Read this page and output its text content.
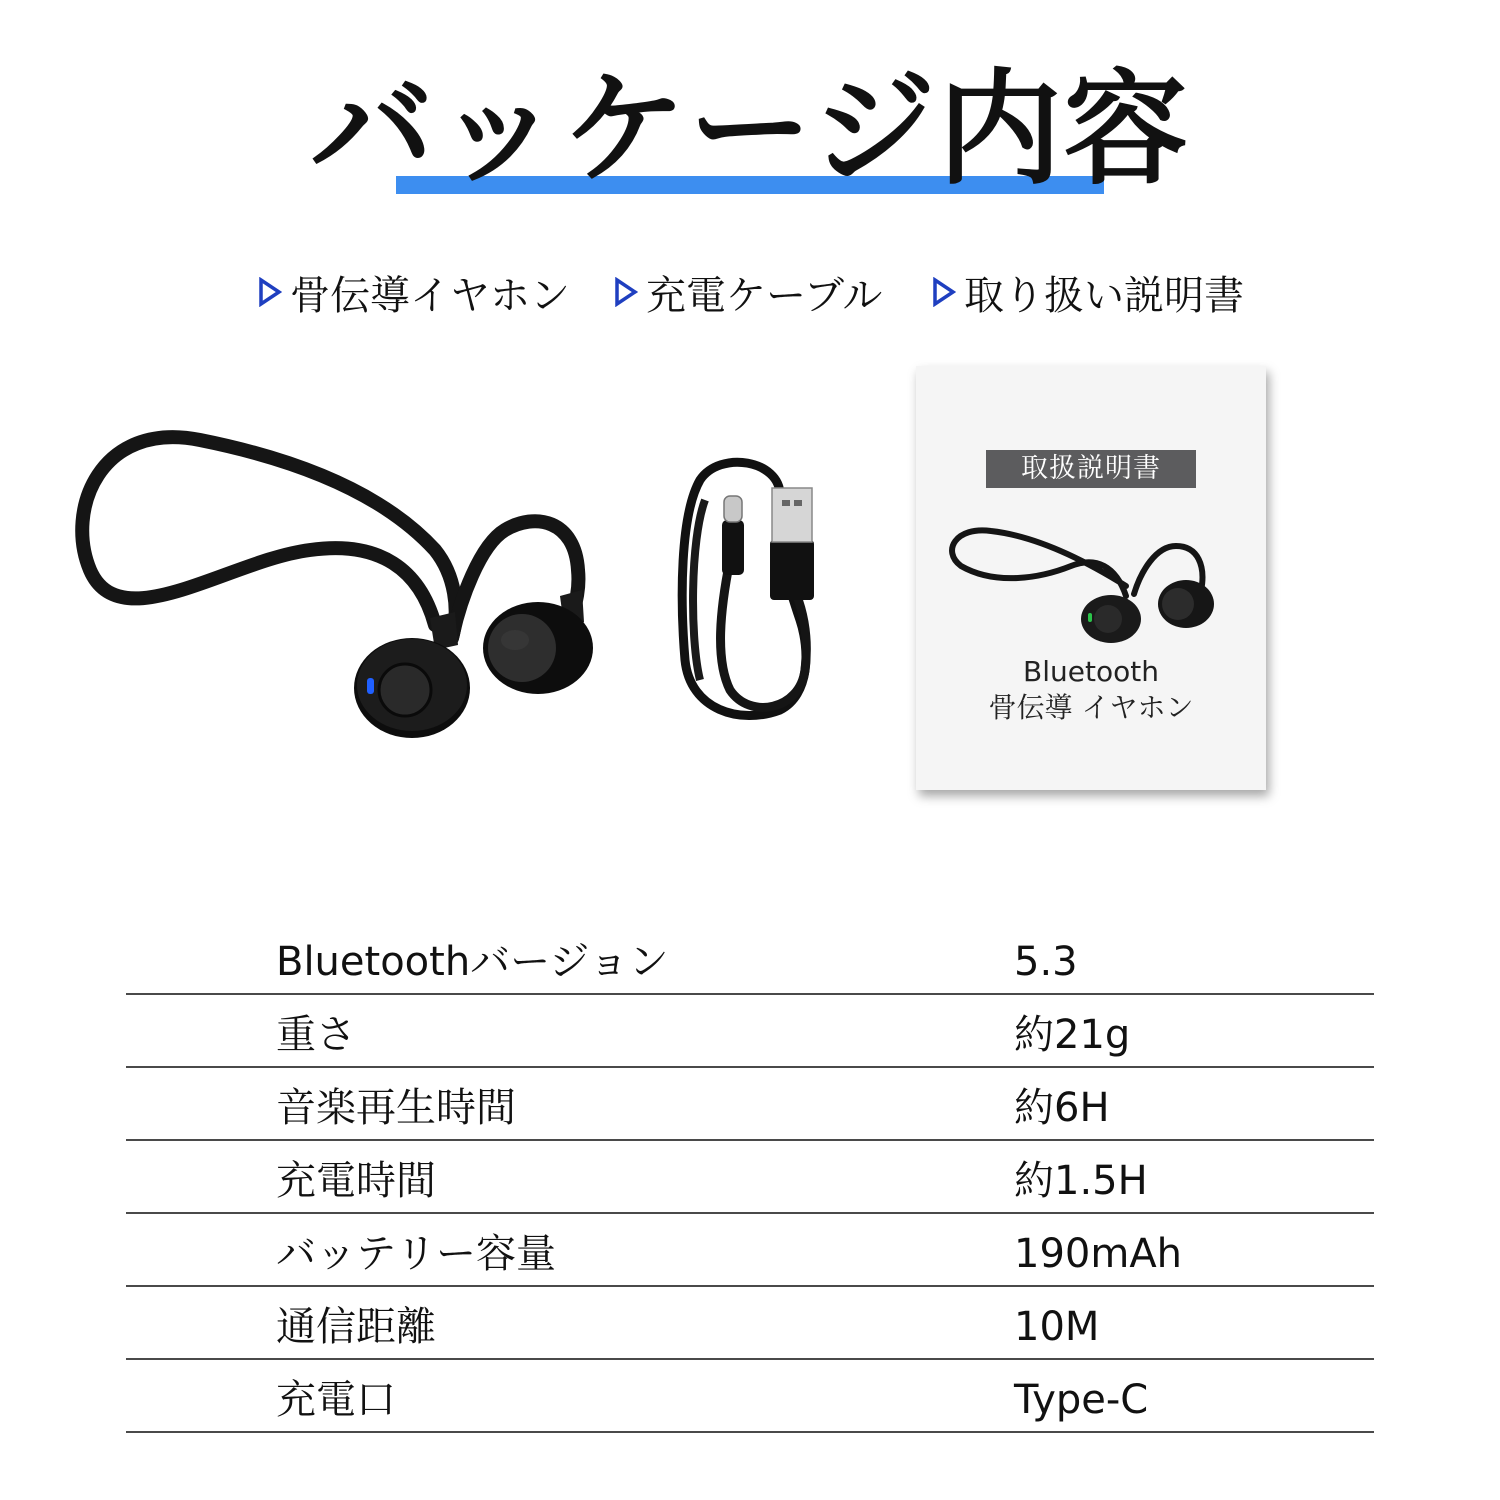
バッケージ内容
骨伝導イヤホン 充電ケーブル 取り扱い説明書
取扱説明書
Bluetooth
骨伝導 イヤホン
Bluetoothバージョン	5.3
重さ	約21g
音楽再生時間	約6H
充電時間	約1.5H
バッテリー容量	190mAh
通信距離	10M
充電口	Type-C
